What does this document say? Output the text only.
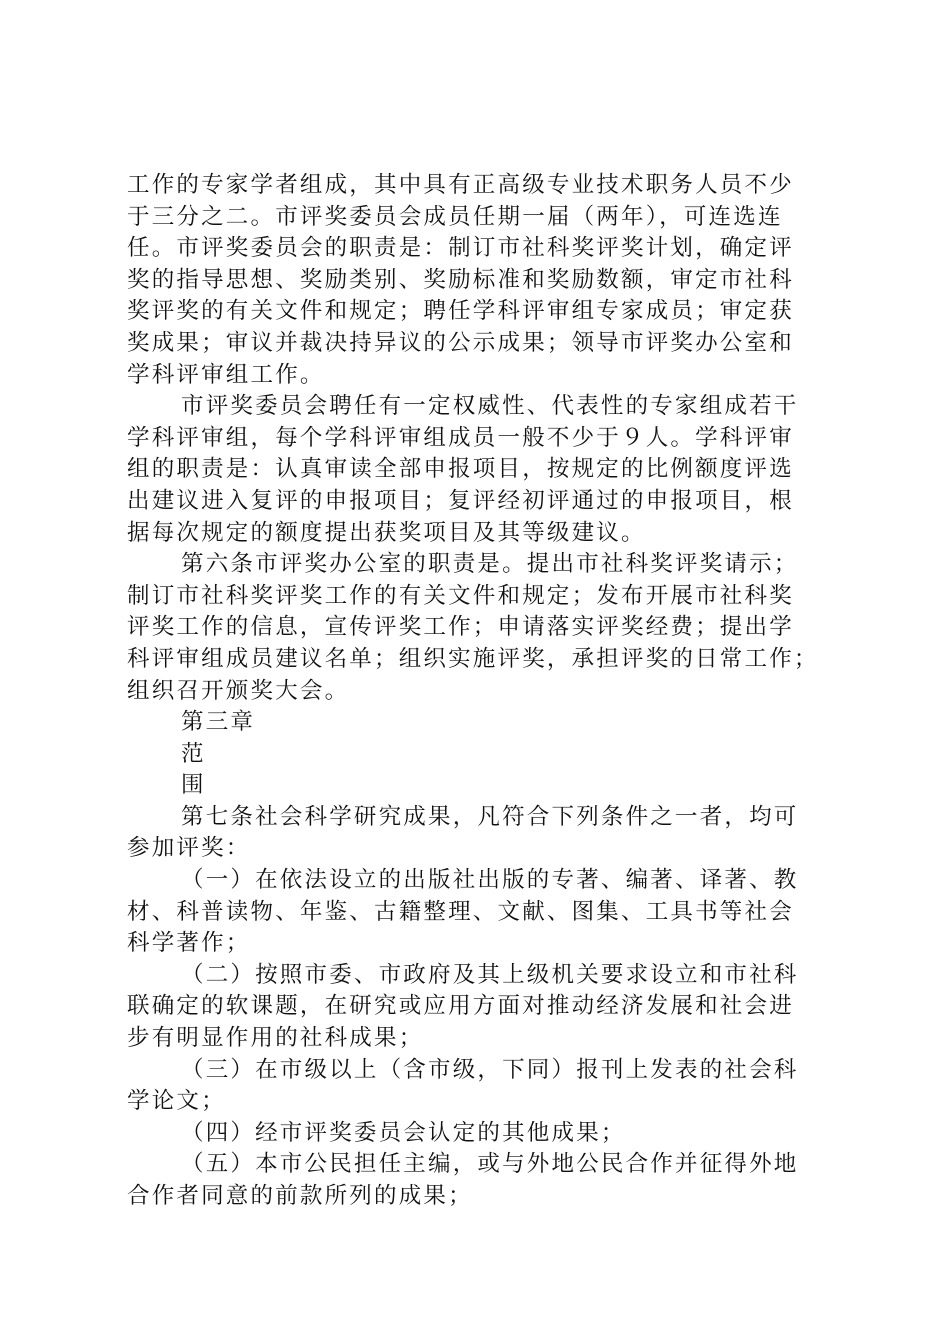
工作的专家学者组成，其中具有正高级专业技术职务人员不少
于三分之二。市评奖委员会成员任期一届（两年），可连选连
任。市评奖委员会的职责是：制订市社科奖评奖计划，确定评
奖的指导思想、奖励类别、奖励标准和奖励数额，审定市社科
奖评奖的有关文件和规定；聘任学科评审组专家成员；审定获
奖成果；审议并裁决持异议的公示成果；领导市评奖办公室和
学科评审组工作。
市评奖委员会聘任有一定权威性、代表性的专家组成若干
学科评审组，每个学科评审组成员一般不少于９人。学科评审
组的职责是：认真审读全部申报项目，按规定的比例额度评选
出建议进入复评的申报项目；复评经初评通过的申报项目，根
据每次规定的额度提出获奖项目及其等级建议。
第六条市评奖办公室的职责是。提出市社科奖评奖请示；
制订市社科奖评奖工作的有关文件和规定；发布开展市社科奖
评奖工作的信息，宣传评奖工作；申请落实评奖经费；提出学
科评审组成员建议名单；组织实施评奖，承担评奖的日常工作；
组织召开颁奖大会。
第三章
范
围
第七条社会科学研究成果，凡符合下列条件之一者，均可
参加评奖：
（一）在依法设立的出版社出版的专著、编著、译著、教
材、科普读物、年鉴、古籍整理、文献、图集、工具书等社会
科学著作；
（二）按照市委、市政府及其上级机关要求设立和市社科
联确定的软课题，在研究或应用方面对推动经济发展和社会进
步有明显作用的社科成果；
（三）在市级以上（含市级，下同）报刊上发表的社会科
学论文；
（四）经市评奖委员会认定的其他成果；
（五）本市公民担任主编，或与外地公民合作并征得外地
合作者同意的前款所列的成果；
